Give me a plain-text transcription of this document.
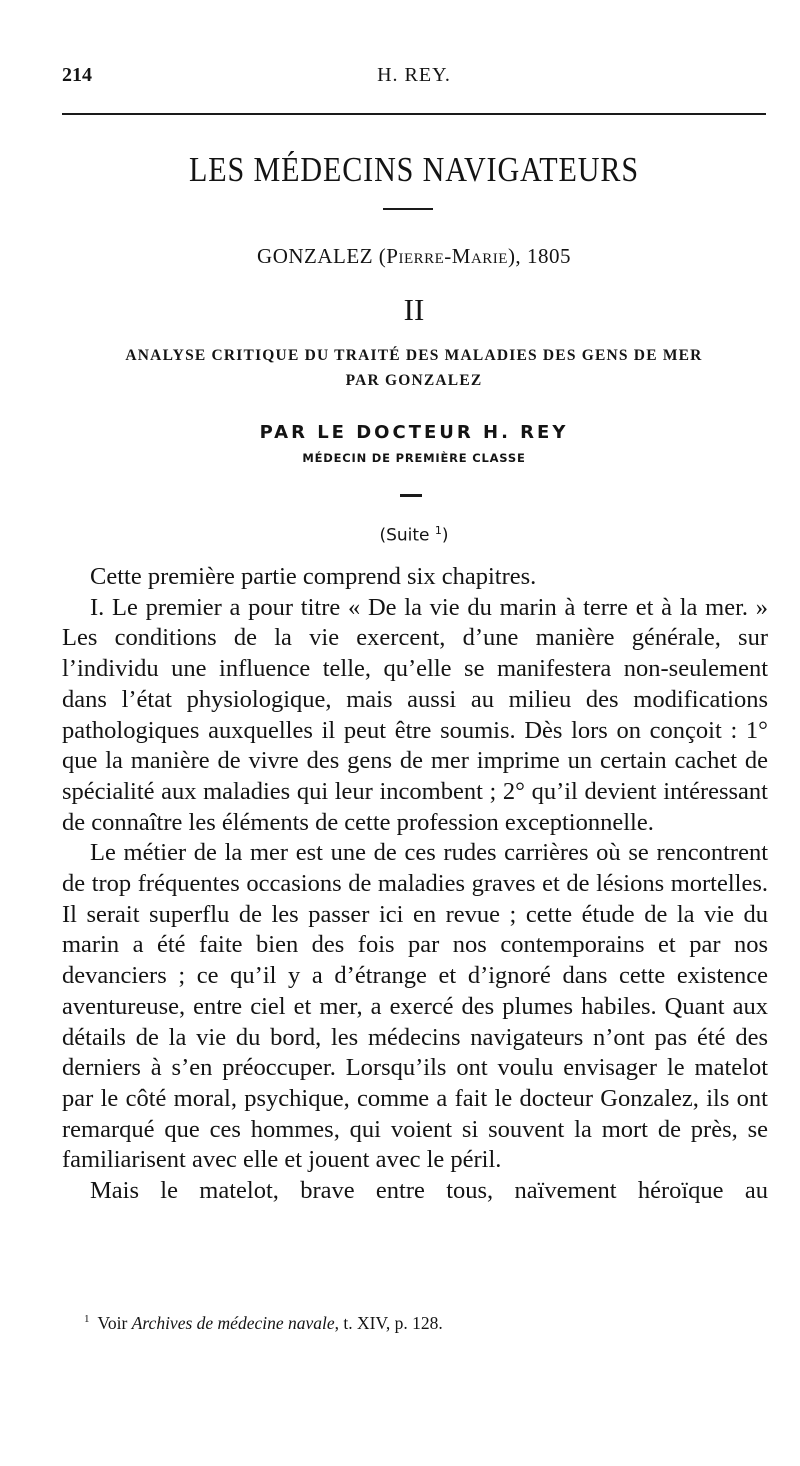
214	H. REY.
LES MÉDECINS NAVIGATEURS
GONZALEZ (Pierre-Marie), 1805
II
ANALYSE CRITIQUE DU TRAITÉ DES MALADIES DES GENS DE MER
PAR GONZALEZ
PAR LE DOCTEUR H. REY
MÉDECIN DE PREMIÈRE CLASSE
(Suite $^1$)

Cette première partie comprend six chapitres.

I. Le premier a pour titre « De la vie du marin à terre et à la mer. » Les conditions de la vie exercent, d’une manière générale, sur l’individu une influence telle, qu’elle se manifestera non-seulement dans l’état physiologique, mais aussi au milieu des modifications pathologiques auxquelles il peut être soumis. Dès lors on conçoit : 1° que la manière de vivre des gens de mer imprime un certain cachet de spécialité aux maladies qui leur incombent ; 2° qu’il devient intéressant de connaître les éléments de cette profession exceptionnelle.

Le métier de la mer est une de ces rudes carrières où se rencontrent de trop fréquentes occasions de maladies graves et de lésions mortelles. Il serait superflu de les passer ici en revue ; cette étude de la vie du marin a été faite bien des fois par nos contemporains et par nos devanciers ; ce qu’il y a d’étrange et d’ignoré dans cette existence aventureuse, entre ciel et mer, a exercé des plumes habiles. Quant aux détails de la vie du bord, les médecins navigateurs n’ont pas été des derniers à s’en préoccuper. Lorsqu’ils ont voulu envisager le matelot par le côté moral, psychique, comme a fait le docteur Gonzalez, ils ont remarqué que ces hommes, qui voient si souvent la mort de près, se familiarisent avec elle et jouent avec le péril.

Mais le matelot, brave entre tous, naïvement héroïque au

$^1$ Voir Archives de médecine navale, t. XIV, p. 128.
